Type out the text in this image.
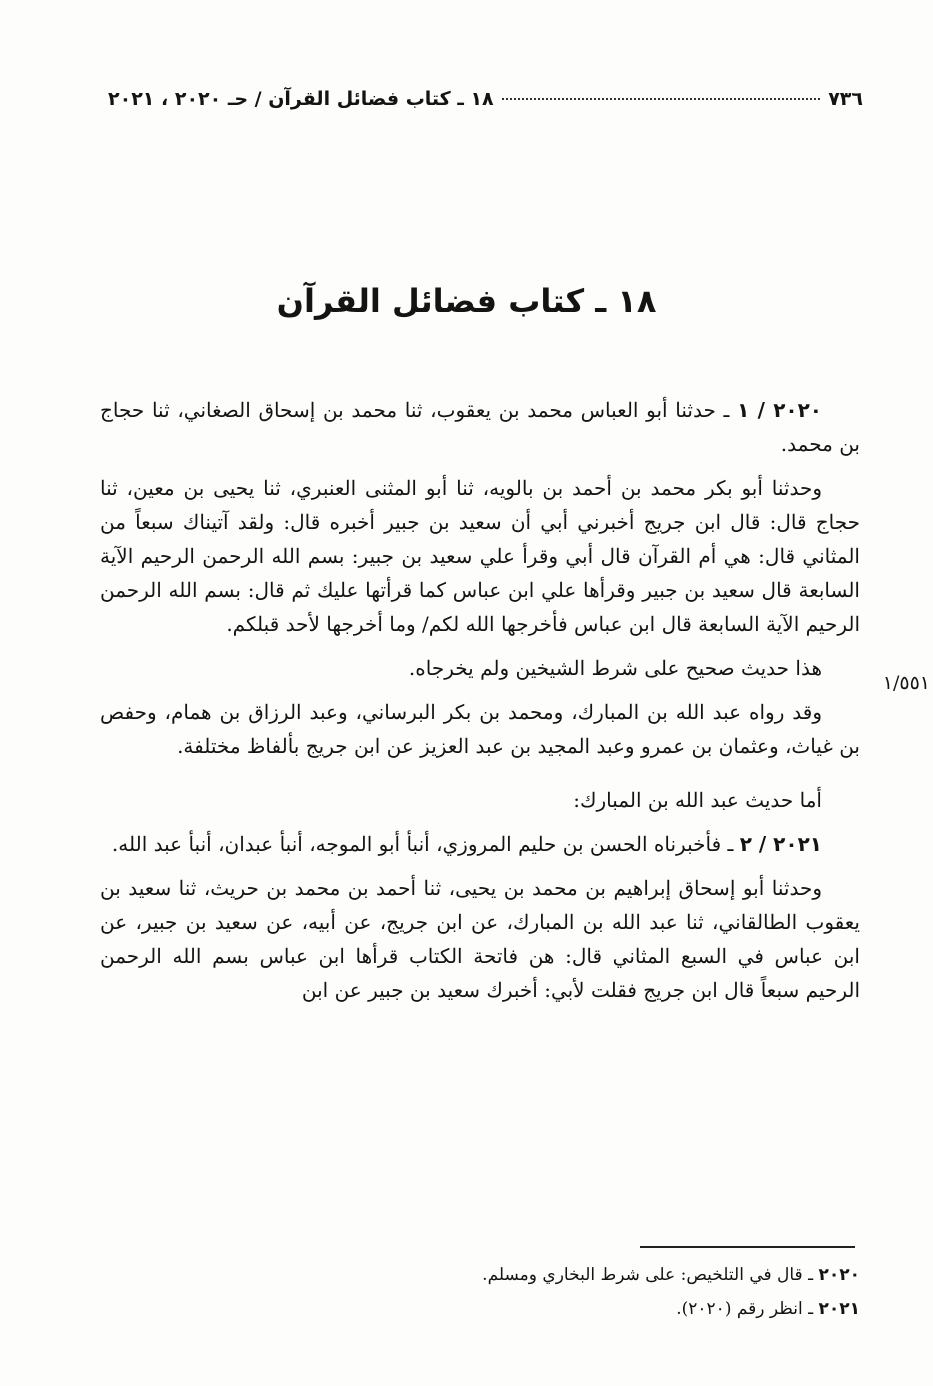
٧٣٦
١٨ ـ كتاب فضائل القرآن / حـ ٢٠٢٠ ، ٢٠٢١
١٨ ـ كتاب فضائل القرآن

٢٠٢٠ / ١ ـ حدثنا أبو العباس محمد بن يعقوب، ثنا محمد بن إسحاق الصغاني، ثنا حجاج بن محمد.

وحدثنا أبو بكر محمد بن أحمد بن بالويه، ثنا أبو المثنى العنبري، ثنا يحيى بن معين، ثنا حجاج قال: قال ابن جريج أخبرني أبي أن سعيد بن جبير أخبره قال: ولقد آتيناك سبعاً من المثاني قال: هي أم القرآن قال أبي وقرأ علي سعيد بن جبير: بسم الله الرحمن الرحيم الآية السابعة قال سعيد بن جبير وقرأها علي ابن عباس كما قرأتها عليك ثم قال: بسم الله الرحمن الرحيم الآية السابعة قال ابن عباس فأخرجها الله لكم/ وما أخرجها لأحد قبلكم.

هذا حديث صحيح على شرط الشيخين ولم يخرجاه.

وقد رواه عبد الله بن المبارك، ومحمد بن بكر البرساني، وعبد الرزاق بن همام، وحفص بن غياث، وعثمان بن عمرو وعبد المجيد بن عبد العزيز عن ابن جريج بألفاظ مختلفة.

أما حديث عبد الله بن المبارك:

٢٠٢١ / ٢ ـ فأخبرناه الحسن بن حليم المروزي، أنبأ أبو الموجه، أنبأ عبدان، أنبأ عبد الله.

وحدثنا أبو إسحاق إبراهيم بن محمد بن يحيى، ثنا أحمد بن محمد بن حريث، ثنا سعيد بن يعقوب الطالقاني، ثنا عبد الله بن المبارك، عن ابن جريج، عن أبيه، عن سعيد بن جبير، عن ابن عباس في السبع المثاني قال: هن فاتحة الكتاب قرأها ابن عباس بسم الله الرحمن الرحيم سبعاً قال ابن جريج فقلت لأبي: أخبرك سعيد بن جبير عن ابن

١/٥٥١

٢٠٢٠ ـ قال في التلخيص: على شرط البخاري ومسلم.

٢٠٢١ ـ انظر رقم (٢٠٢٠).
